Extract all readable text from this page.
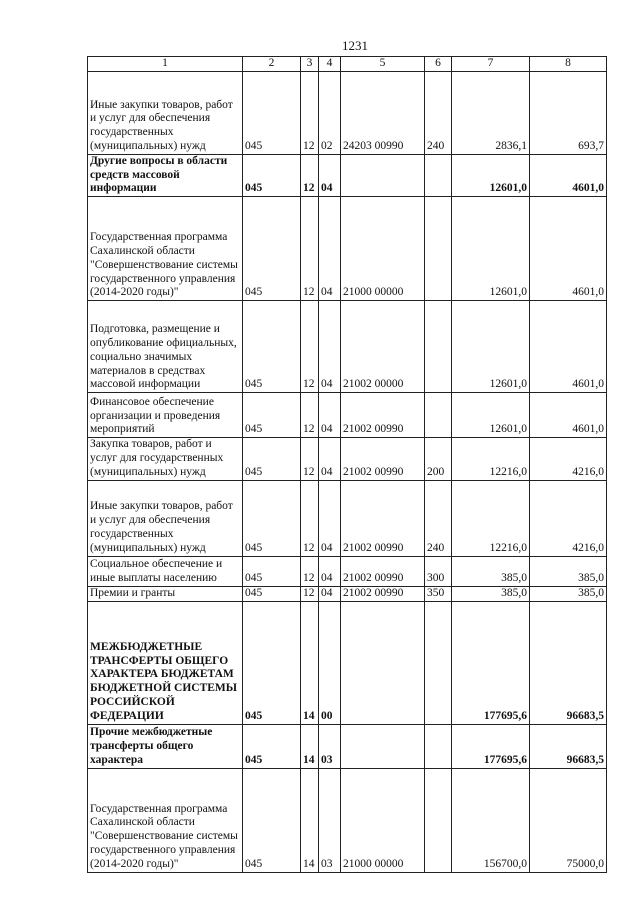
1231
1	2	3	4	5	6	7	8
Иные закупки товаров, работ и услуг для обеспечения государственных (муниципальных) нужд	045	12	02	24203 00990	240	2836,1	693,7
Другие вопросы в области средств массовой информации	045	12	04			12601,0	4601,0
Государственная программа Сахалинской области "Совершенствование системы государственного управления (2014-2020 годы)"	045	12	04	21000 00000		12601,0	4601,0
Подготовка, размещение и опубликование официальных, социально значимых материалов в средствах массовой информации	045	12	04	21002 00000		12601,0	4601,0
Финансовое обеспечение организации и проведения мероприятий	045	12	04	21002 00990		12601,0	4601,0
Закупка товаров, работ и услуг для государственных (муниципальных) нужд	045	12	04	21002 00990	200	12216,0	4216,0
Иные закупки товаров, работ и услуг для обеспечения государственных (муниципальных) нужд	045	12	04	21002 00990	240	12216,0	4216,0
Социальное обеспечение и иные выплаты населению	045	12	04	21002 00990	300	385,0	385,0
Премии и гранты	045	12	04	21002 00990	350	385,0	385,0
МЕЖБЮДЖЕТНЫЕ ТРАНСФЕРТЫ ОБЩЕГО ХАРАКТЕРА БЮДЖЕТАМ БЮДЖЕТНОЙ СИСТЕМЫ РОССИЙСКОЙ ФЕДЕРАЦИИ	045	14	00			177695,6	96683,5
Прочие межбюджетные трансферты общего характера	045	14	03			177695,6	96683,5
Государственная программа Сахалинской области "Совершенствование системы государственного управления (2014-2020 годы)"	045	14	03	21000 00000		156700,0	75000,0
